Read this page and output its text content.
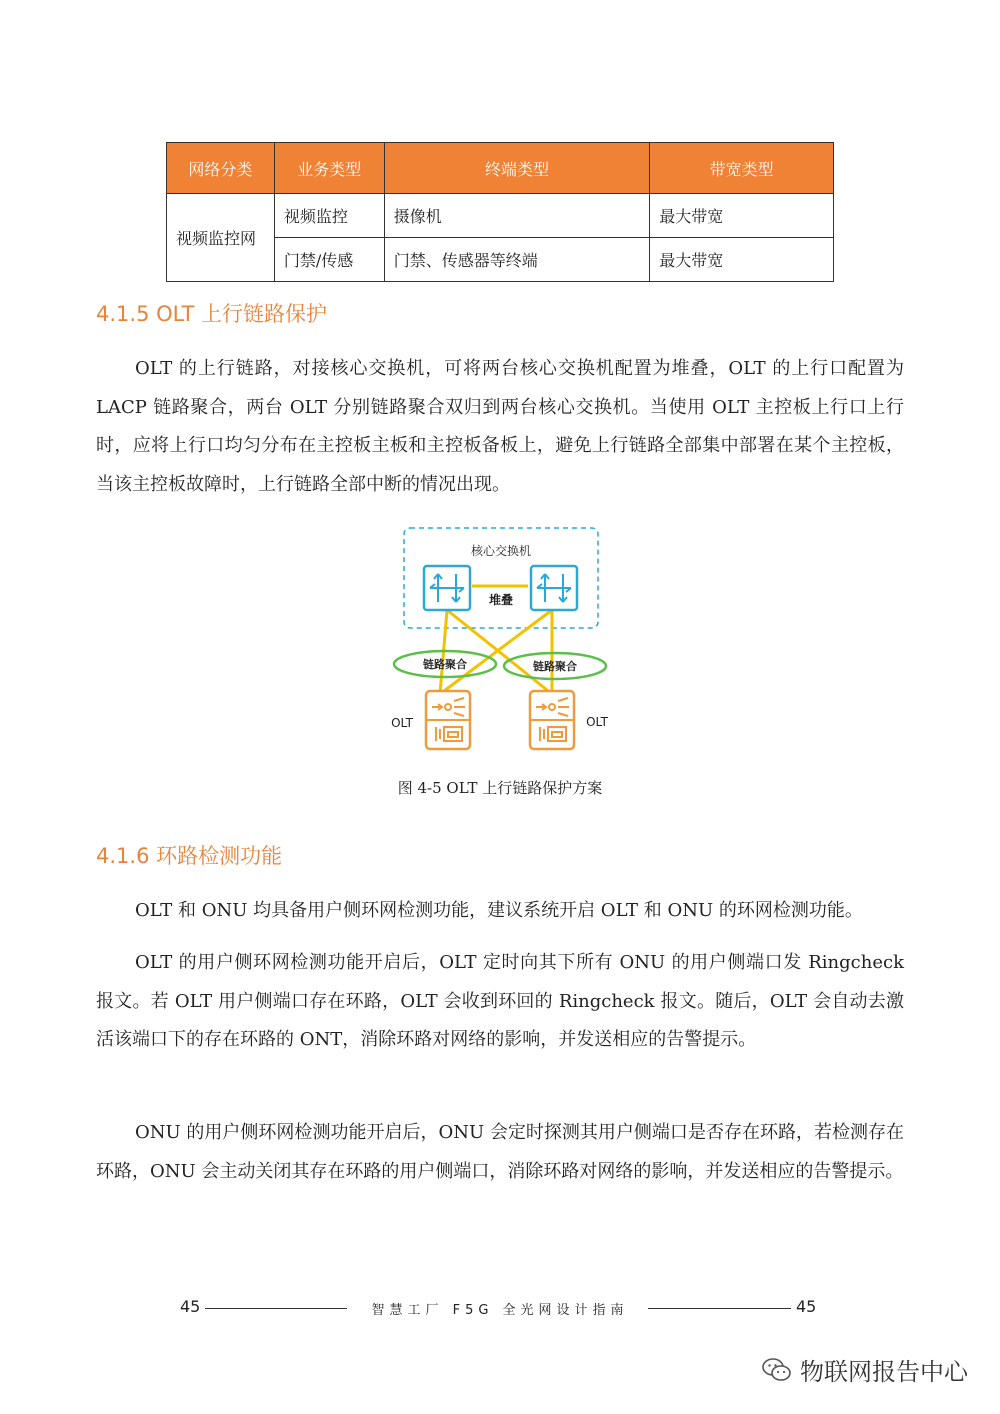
网络分类	业务类型	终端类型	带宽类型
视频监控网	视频监控	摄像机	最大带宽
	门禁/传感	门禁、传感器等终端	最大带宽
4.1.5 OLT 上行链路保护

OLT 的上行链路，对接核心交换机，可将两台核心交换机配置为堆叠，OLT 的上行口配置为 LACP 链路聚合，两台 OLT 分别链路聚合双归到两台核心交换机。当使用 OLT 主控板上行口上行时，应将上行口均匀分布在主控板主板和主控板备板上，避免上行链路全部集中部署在某个主控板，当该主控板故障时，上行链路全部中断的情况出现。

核心交换机
堆叠
链路聚合	链路聚合
OLT	OLT
图 4-5 OLT 上行链路保护方案
4.1.6 环路检测功能

OLT 和 ONU 均具备用户侧环网检测功能，建议系统开启 OLT 和 ONU 的环网检测功能。

OLT 的用户侧环网检测功能开启后，OLT 定时向其下所有 ONU 的用户侧端口发 Ringcheck 报文。若 OLT 用户侧端口存在环路，OLT 会收到环回的 Ringcheck 报文。随后，OLT 会自动去激活该端口下的存在环路的 ONT，消除环路对网络的影响，并发送相应的告警提示。

ONU 的用户侧环网检测功能开启后，ONU 会定时探测其用户侧端口是否存在环路，若检测存在环路，ONU 会主动关闭其存在环路的用户侧端口，消除环路对网络的影响，并发送相应的告警提示。

45	智慧工厂 F5G 全光网设计指南	45
物联网报告中心
